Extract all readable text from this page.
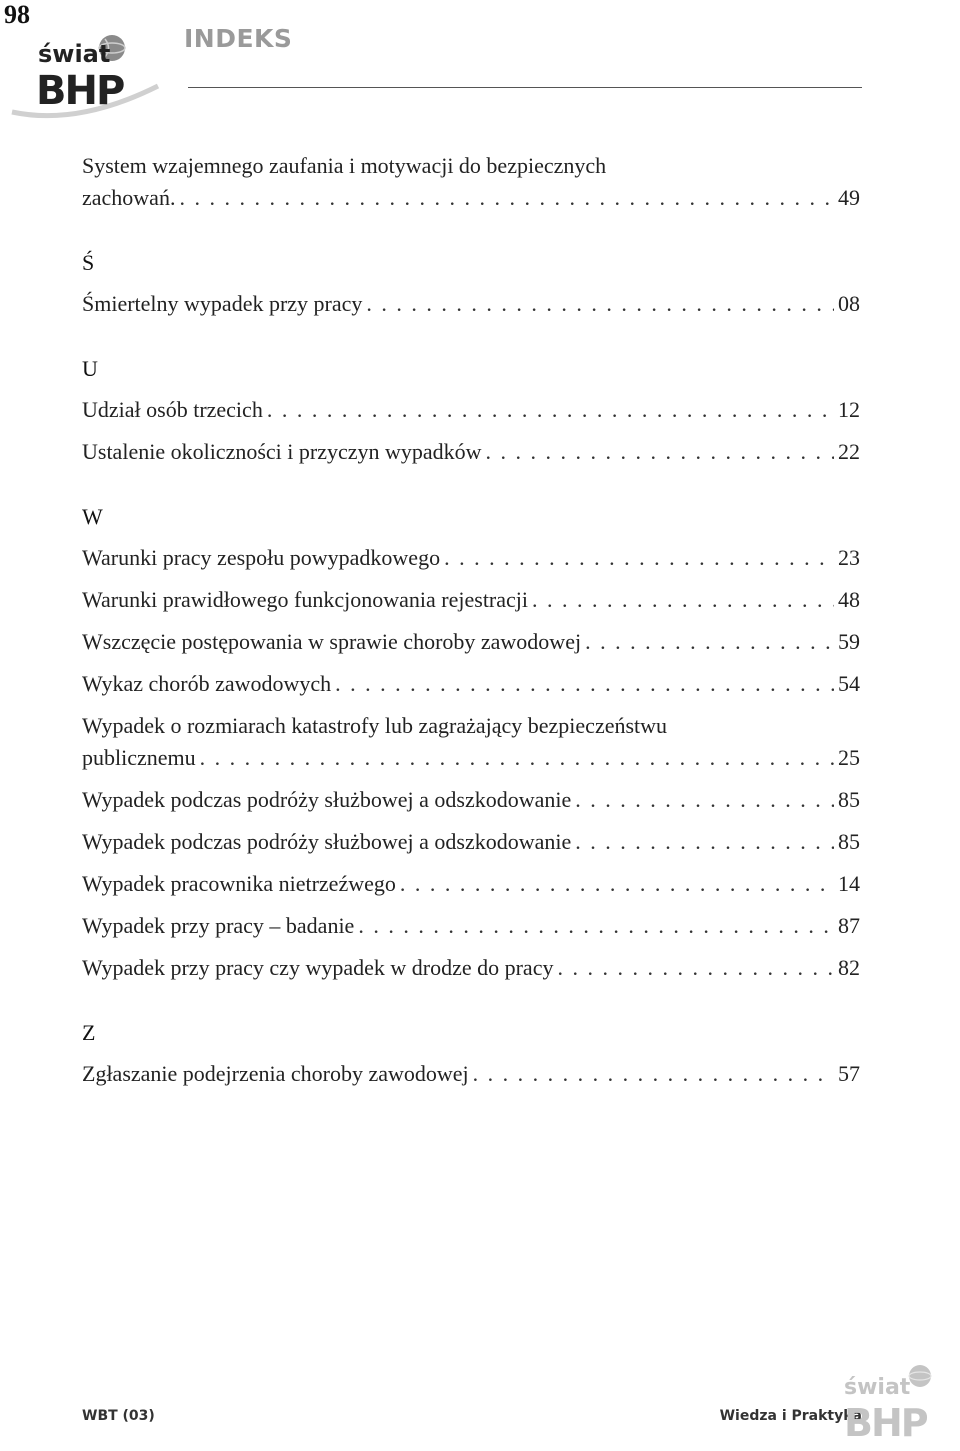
98
świat
BHP
INDEKS
System wzajemnego zaufania i motywacji do bezpiecznych
zachowań. . . .	49
Ś
Śmiertelny wypadek przy pracy . . .	08
U
Udział osób trzecich . . .	12
Ustalenie okoliczności i przyczyn wypadków . . .	22
W
Warunki pracy zespołu powypadkowego . . .	23
Warunki prawidłowego funkcjonowania rejestracji . . .	48
Wszczęcie postępowania w sprawie choroby zawodowej . . .	59
Wykaz chorób zawodowych . . .	54
Wypadek o rozmiarach katastrofy lub zagrażający bezpieczeństwu
publicznemu . . .	25
Wypadek podczas podróży służbowej a odszkodowanie . . .	85
Wypadek podczas podróży służbowej a odszkodowanie . . .	85
Wypadek pracownika nietrzeźwego . . .	14
Wypadek przy pracy – badanie . . .	87
Wypadek przy pracy czy wypadek w drodze do pracy . . .	82
Z
Zgłaszanie podejrzenia choroby zawodowej . . .	57
WBT (03)	Wiedza i Praktyka
świat
BHP
